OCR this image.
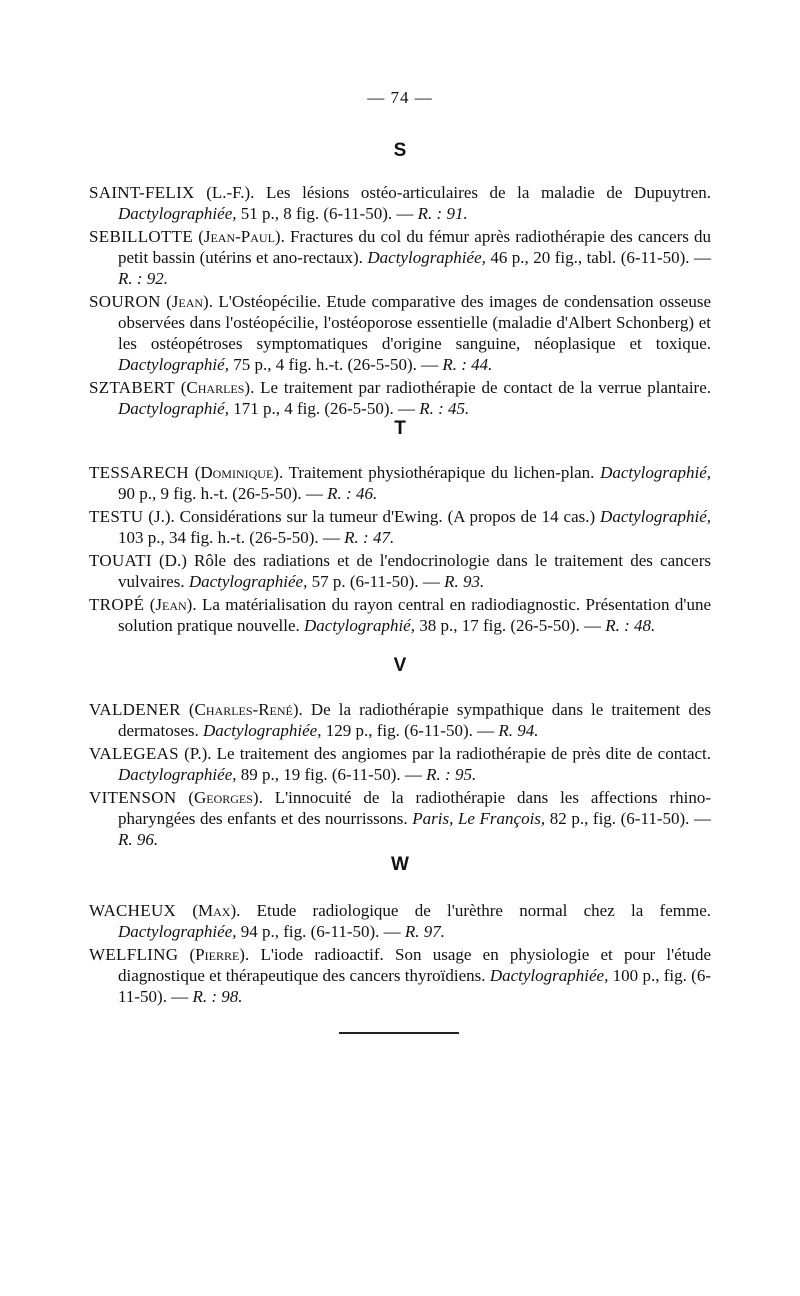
— 74 —
S

SAINT-FELIX (L.-F.). Les lésions ostéo-articulaires de la maladie de Dupuytren. Dactylographiée, 51 p., 8 fig. (6-11-50). — R. : 91.

SEBILLOTTE (Jean-Paul). Fractures du col du fémur après radiothérapie des cancers du petit bassin (utérins et ano-rectaux). Dactylographiée, 46 p., 20 fig., tabl. (6-11-50). — R. : 92.

SOURON (Jean). L'Ostéopécilie. Etude comparative des images de condensation osseuse observées dans l'ostéopécilie, l'ostéoporose essentielle (maladie d'Albert Schonberg) et les ostéopétroses symptomatiques d'origine sanguine, néoplasique et toxique. Dactylographié, 75 p., 4 fig. h.-t. (26-5-50). — R. : 44.

SZTABERT (Charles). Le traitement par radiothérapie de contact de la verrue plantaire. Dactylographié, 171 p., 4 fig. (26-5-50). — R. : 45.

T

TESSARECH (Dominique). Traitement physiothérapique du lichen-plan. Dactylographié, 90 p., 9 fig. h.-t. (26-5-50). — R. : 46.

TESTU (J.). Considérations sur la tumeur d'Ewing. (A propos de 14 cas.) Dactylographié, 103 p., 34 fig. h.-t. (26-5-50). — R. : 47.

TOUATI (D.) Rôle des radiations et de l'endocrinologie dans le traitement des cancers vulvaires. Dactylographiée, 57 p. (6-11-50). — R. 93.

TROPÉ (Jean). La matérialisation du rayon central en radiodiagnostic. Présentation d'une solution pratique nouvelle. Dactylographié, 38 p., 17 fig. (26-5-50). — R. : 48.

V

VALDENER (Charles-René). De la radiothérapie sympathique dans le traitement des dermatoses. Dactylographiée, 129 p., fig. (6-11-50). — R. 94.

VALEGEAS (P.). Le traitement des angiomes par la radiothérapie de près dite de contact. Dactylographiée, 89 p., 19 fig. (6-11-50). — R. : 95.

VITENSON (Georges). L'innocuité de la radiothérapie dans les affections rhino-pharyngées des enfants et des nourrissons. Paris, Le François, 82 p., fig. (6-11-50). — R. 96.

W

WACHEUX (Max). Etude radiologique de l'urèthre normal chez la femme. Dactylographiée, 94 p., fig. (6-11-50). — R. 97.

WELFLING (Pierre). L'iode radioactif. Son usage en physiologie et pour l'étude diagnostique et thérapeutique des cancers thyroïdiens. Dactylographiée, 100 p., fig. (6-11-50). — R. : 98.
